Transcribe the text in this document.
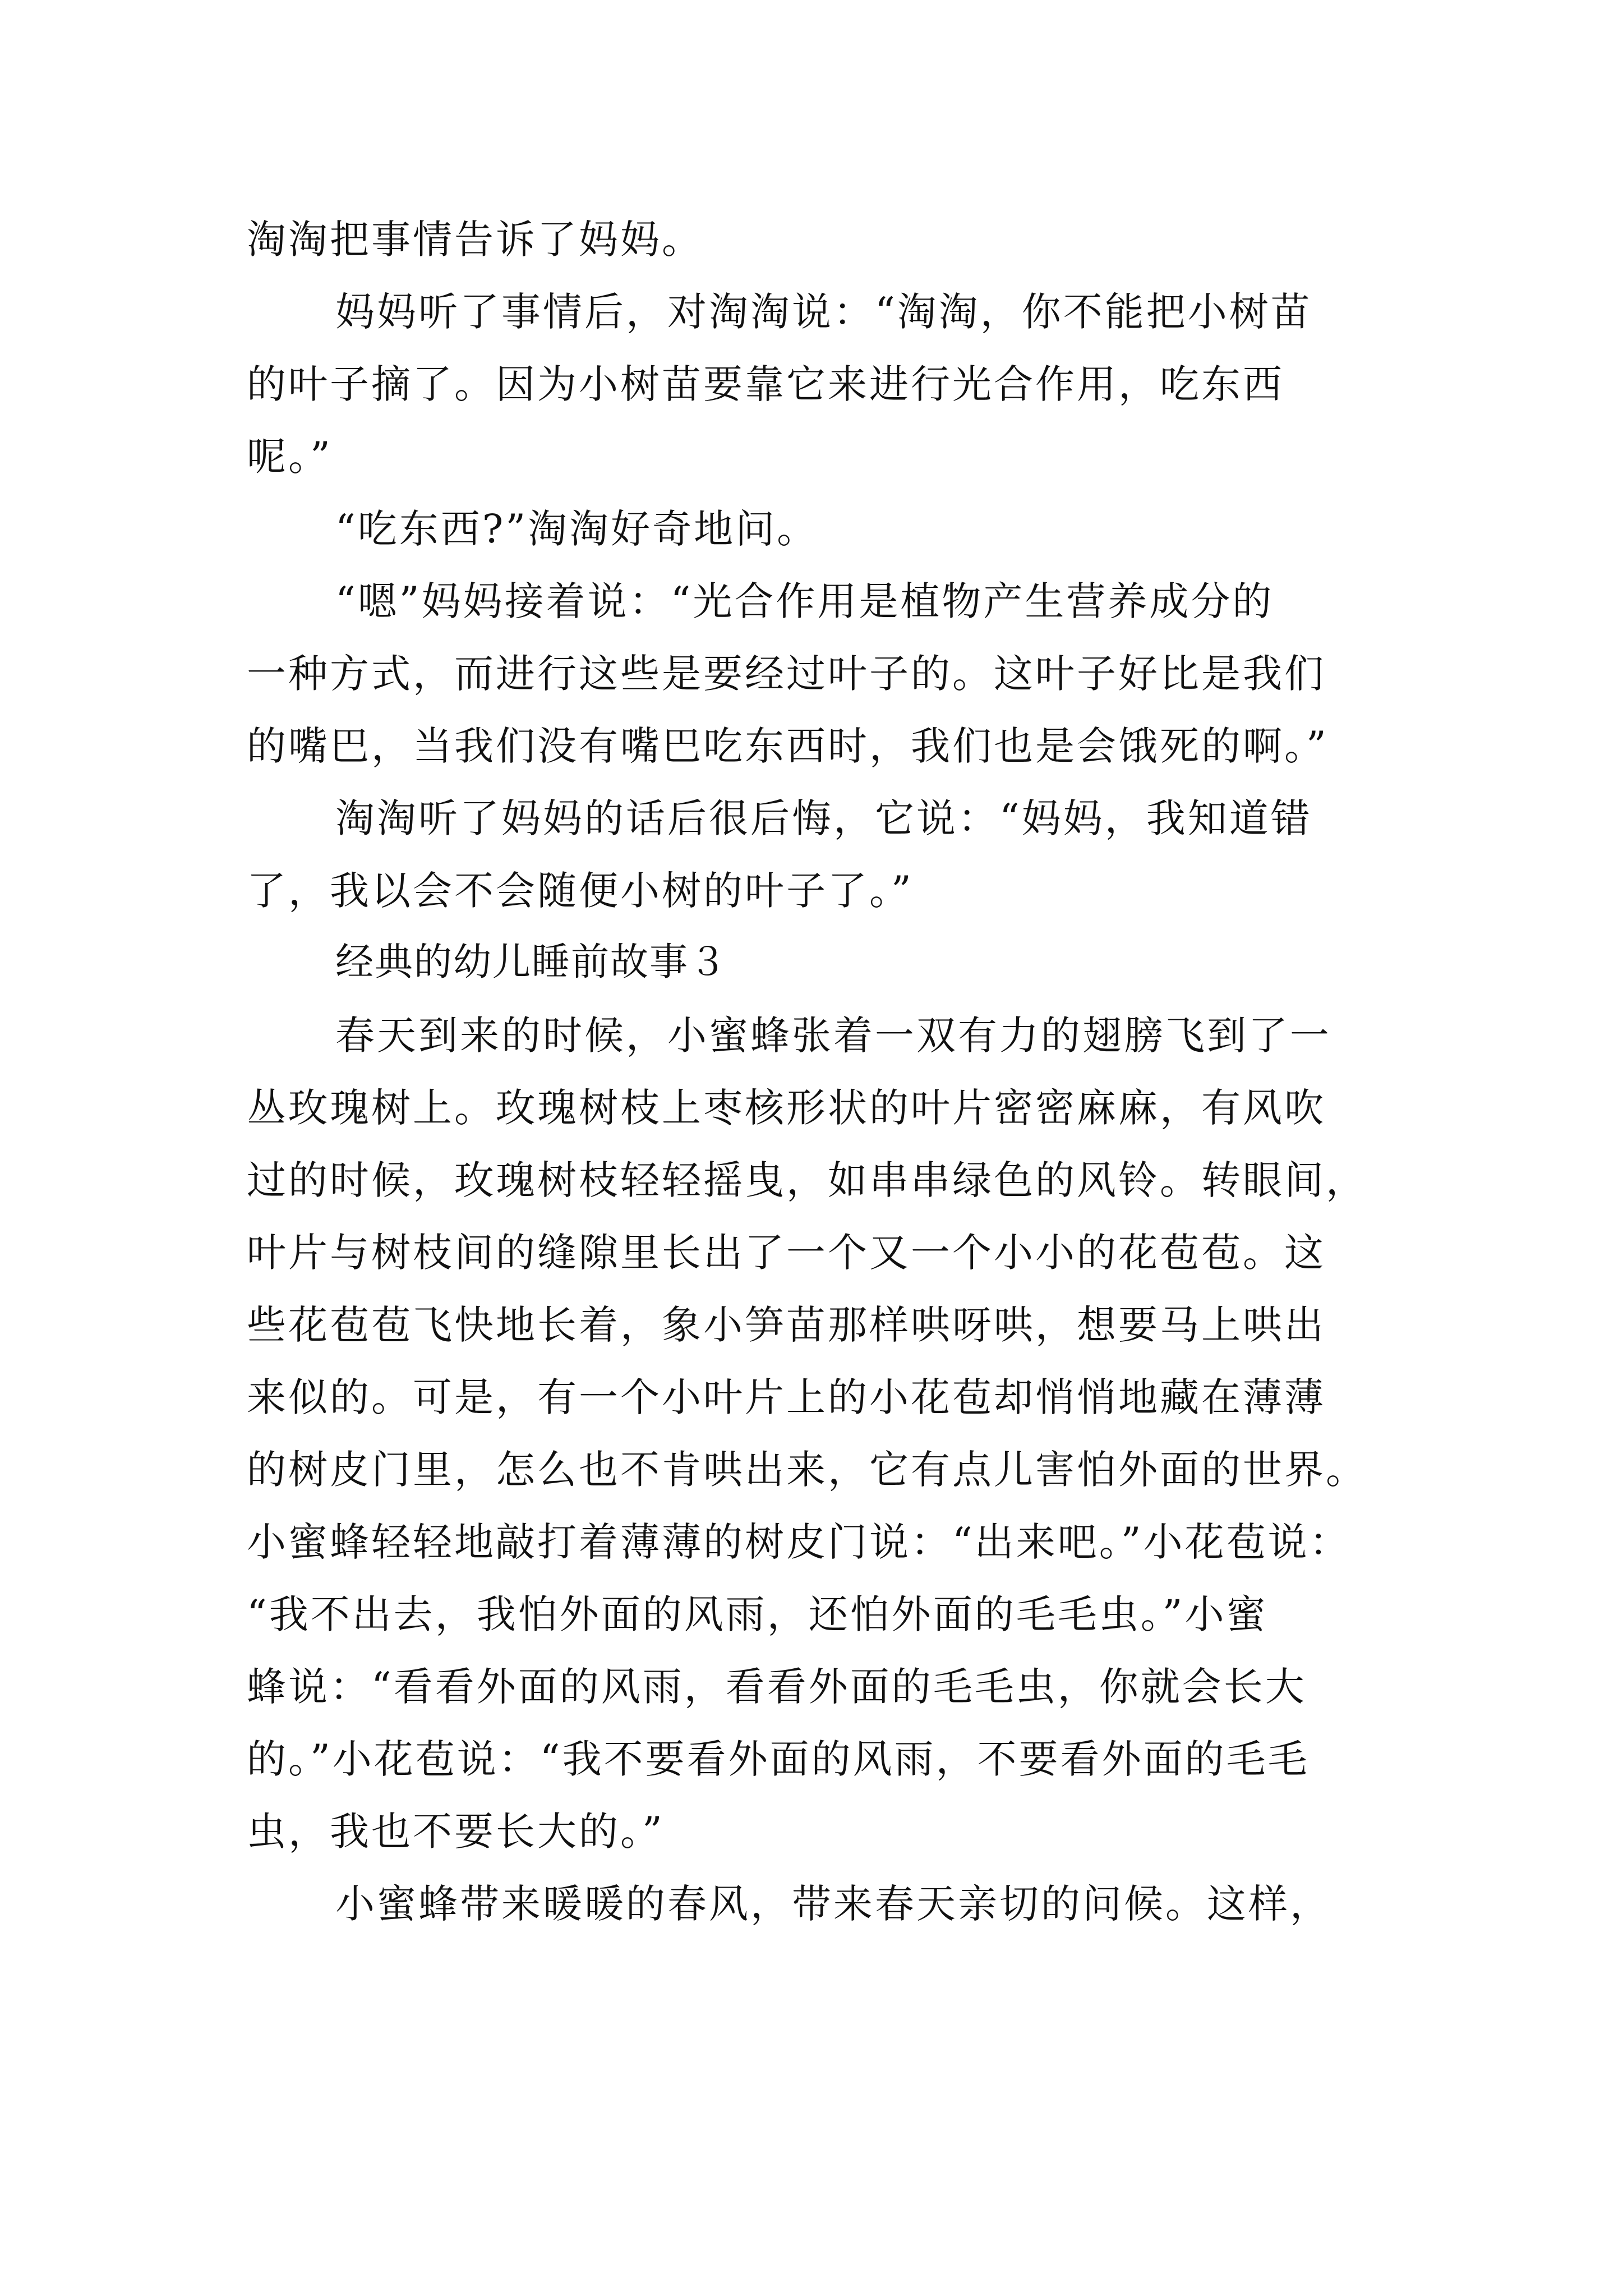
淘淘把事情告诉了妈妈。
妈妈听了事情后，对淘淘说：“淘淘，你不能把小树苗
的叶子摘了。因为小树苗要靠它来进行光合作用，吃东西
呢。”
“吃东西?”淘淘好奇地问。
“嗯”妈妈接着说：“光合作用是植物产生营养成分的
一种方式，而进行这些是要经过叶子的。这叶子好比是我们
的嘴巴，当我们没有嘴巴吃东西时，我们也是会饿死的啊。”
淘淘听了妈妈的话后很后悔，它说：“妈妈，我知道错
了，我以会不会随便小树的叶子了。”
经典的幼儿睡前故事３
春天到来的时候，小蜜蜂张着一双有力的翅膀飞到了一
丛玫瑰树上。玫瑰树枝上枣核形状的叶片密密麻麻，有风吹
过的时候，玫瑰树枝轻轻摇曳，如串串绿色的风铃。转眼间，
叶片与树枝间的缝隙里长出了一个又一个小小的花苞苞。这
些花苞苞飞快地长着，象小笋苗那样哄呀哄，想要马上哄出
来似的。可是，有一个小叶片上的小花苞却悄悄地藏在薄薄
的树皮门里，怎么也不肯哄出来，它有点儿害怕外面的世界。
小蜜蜂轻轻地敲打着薄薄的树皮门说：“出来吧。”小花苞说：
“我不出去，我怕外面的风雨，还怕外面的毛毛虫。”小蜜
蜂说：“看看外面的风雨，看看外面的毛毛虫，你就会长大
的。”小花苞说：“我不要看外面的风雨，不要看外面的毛毛
虫，我也不要长大的。”
小蜜蜂带来暖暖的春风，带来春天亲切的问候。这样，
